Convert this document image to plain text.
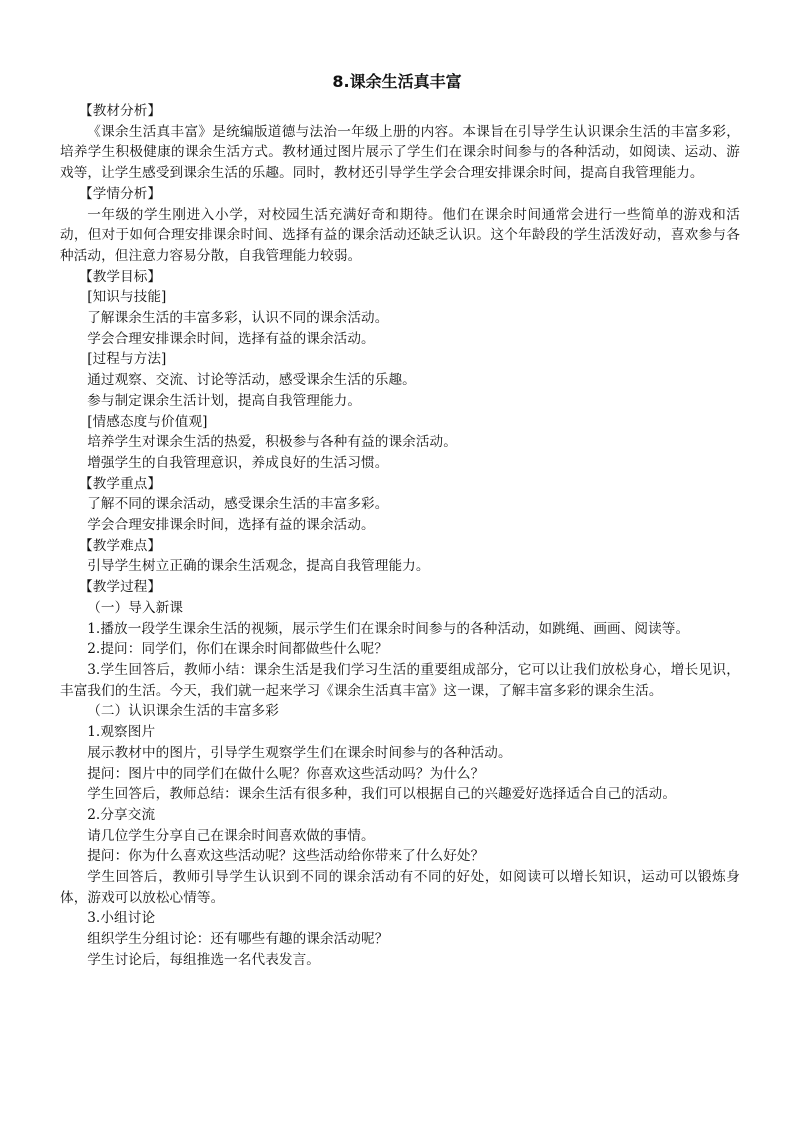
8.课余生活真丰富
【教材分析】
《课余生活真丰富》是统编版道德与法治一年级上册的内容。本课旨在引导学生认识课余生活的丰富多彩，培养学生积极健康的课余生活方式。教材通过图片展示了学生们在课余时间参与的各种活动，如阅读、运动、游戏等，让学生感受到课余生活的乐趣。同时，教材还引导学生学会合理安排课余时间，提高自我管理能力。
【学情分析】
一年级的学生刚进入小学，对校园生活充满好奇和期待。他们在课余时间通常会进行一些简单的游戏和活动，但对于如何合理安排课余时间、选择有益的课余活动还缺乏认识。这个年龄段的学生活泼好动，喜欢参与各种活动，但注意力容易分散，自我管理能力较弱。
【教学目标】
[知识与技能]
了解课余生活的丰富多彩，认识不同的课余活动。
学会合理安排课余时间，选择有益的课余活动。
[过程与方法]
通过观察、交流、讨论等活动，感受课余生活的乐趣。
参与制定课余生活计划，提高自我管理能力。
[情感态度与价值观]
培养学生对课余生活的热爱，积极参与各种有益的课余活动。
增强学生的自我管理意识，养成良好的生活习惯。
【教学重点】
了解不同的课余活动，感受课余生活的丰富多彩。
学会合理安排课余时间，选择有益的课余活动。
【教学难点】
引导学生树立正确的课余生活观念，提高自我管理能力。
【教学过程】
（一）导入新课
1.播放一段学生课余生活的视频，展示学生们在课余时间参与的各种活动，如跳绳、画画、阅读等。
2.提问：同学们，你们在课余时间都做些什么呢？
3.学生回答后，教师小结：课余生活是我们学习生活的重要组成部分，它可以让我们放松身心，增长见识，丰富我们的生活。今天，我们就一起来学习《课余生活真丰富》这一课，了解丰富多彩的课余生活。
（二）认识课余生活的丰富多彩
1.观察图片
展示教材中的图片，引导学生观察学生们在课余时间参与的各种活动。
提问：图片中的同学们在做什么呢？你喜欢这些活动吗？为什么？
学生回答后，教师总结：课余生活有很多种，我们可以根据自己的兴趣爱好选择适合自己的活动。
2.分享交流
请几位学生分享自己在课余时间喜欢做的事情。
提问：你为什么喜欢这些活动呢？这些活动给你带来了什么好处？
学生回答后，教师引导学生认识到不同的课余活动有不同的好处，如阅读可以增长知识，运动可以锻炼身体，游戏可以放松心情等。
3.小组讨论
组织学生分组讨论：还有哪些有趣的课余活动呢？
学生讨论后，每组推选一名代表发言。
